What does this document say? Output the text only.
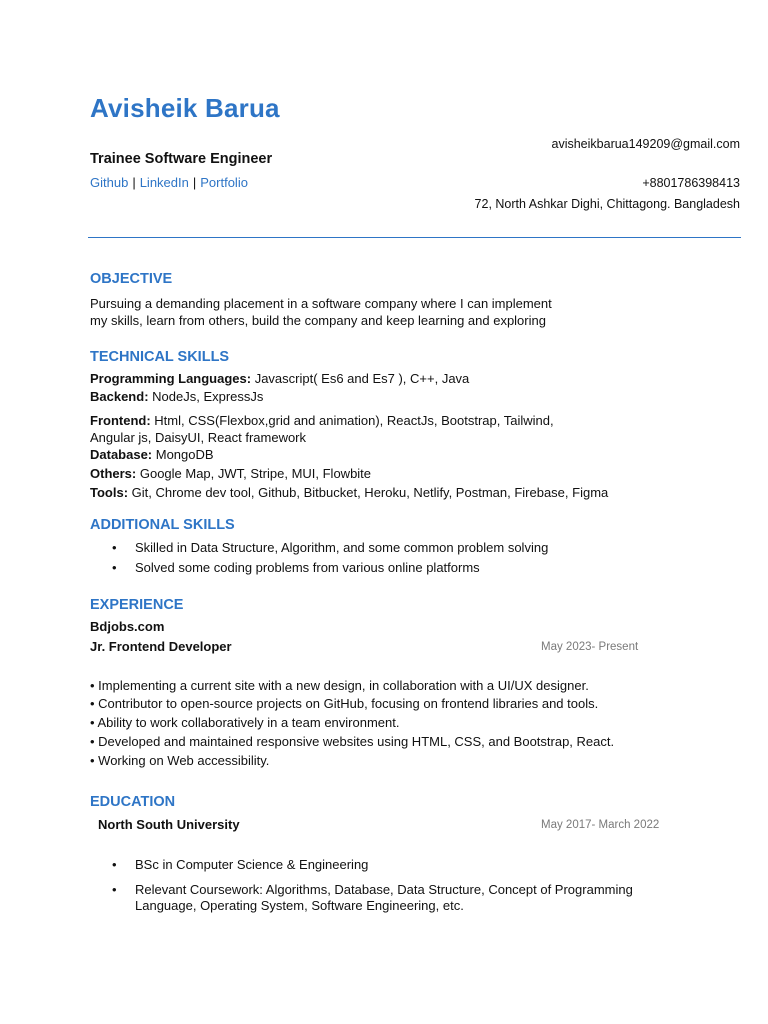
Avisheik Barua
Trainee Software Engineer
Github | LinkedIn | Portfolio
avisheikbarua149209@gmail.com
+8801786398413
72, North Ashkar Dighi, Chittagong. Bangladesh
OBJECTIVE
Pursuing a demanding placement in a software company where I can implement
my skills, learn from others, build the company and keep learning and exploring
TECHNICAL SKILLS
Programming Languages: Javascript( Es6 and Es7 ), C++, Java
Backend: NodeJs, ExpressJs
Frontend: Html, CSS(Flexbox,grid and animation), ReactJs, Bootstrap, Tailwind,
Angular js, DaisyUI, React framework
Database: MongoDB
Others: Google Map, JWT, Stripe, MUI, Flowbite
Tools: Git, Chrome dev tool, Github, Bitbucket, Heroku, Netlify, Postman, Firebase, Figma
ADDITIONAL SKILLS
• Skilled in Data Structure, Algorithm, and some common problem solving
• Solved some coding problems from various online platforms
EXPERIENCE
Bdjobs.com
Jr. Frontend Developer	May 2023- Present
• Implementing a current site with a new design, in collaboration with a UI/UX designer.
• Contributor to open-source projects on GitHub, focusing on frontend libraries and tools.
• Ability to work collaboratively in a team environment.
• Developed and maintained responsive websites using HTML, CSS, and Bootstrap, React.
• Working on Web accessibility.
EDUCATION
North South University	May 2017- March 2022
• BSc in Computer Science & Engineering
• Relevant Coursework: Algorithms, Database, Data Structure, Concept of Programming
Language, Operating System, Software Engineering, etc.
